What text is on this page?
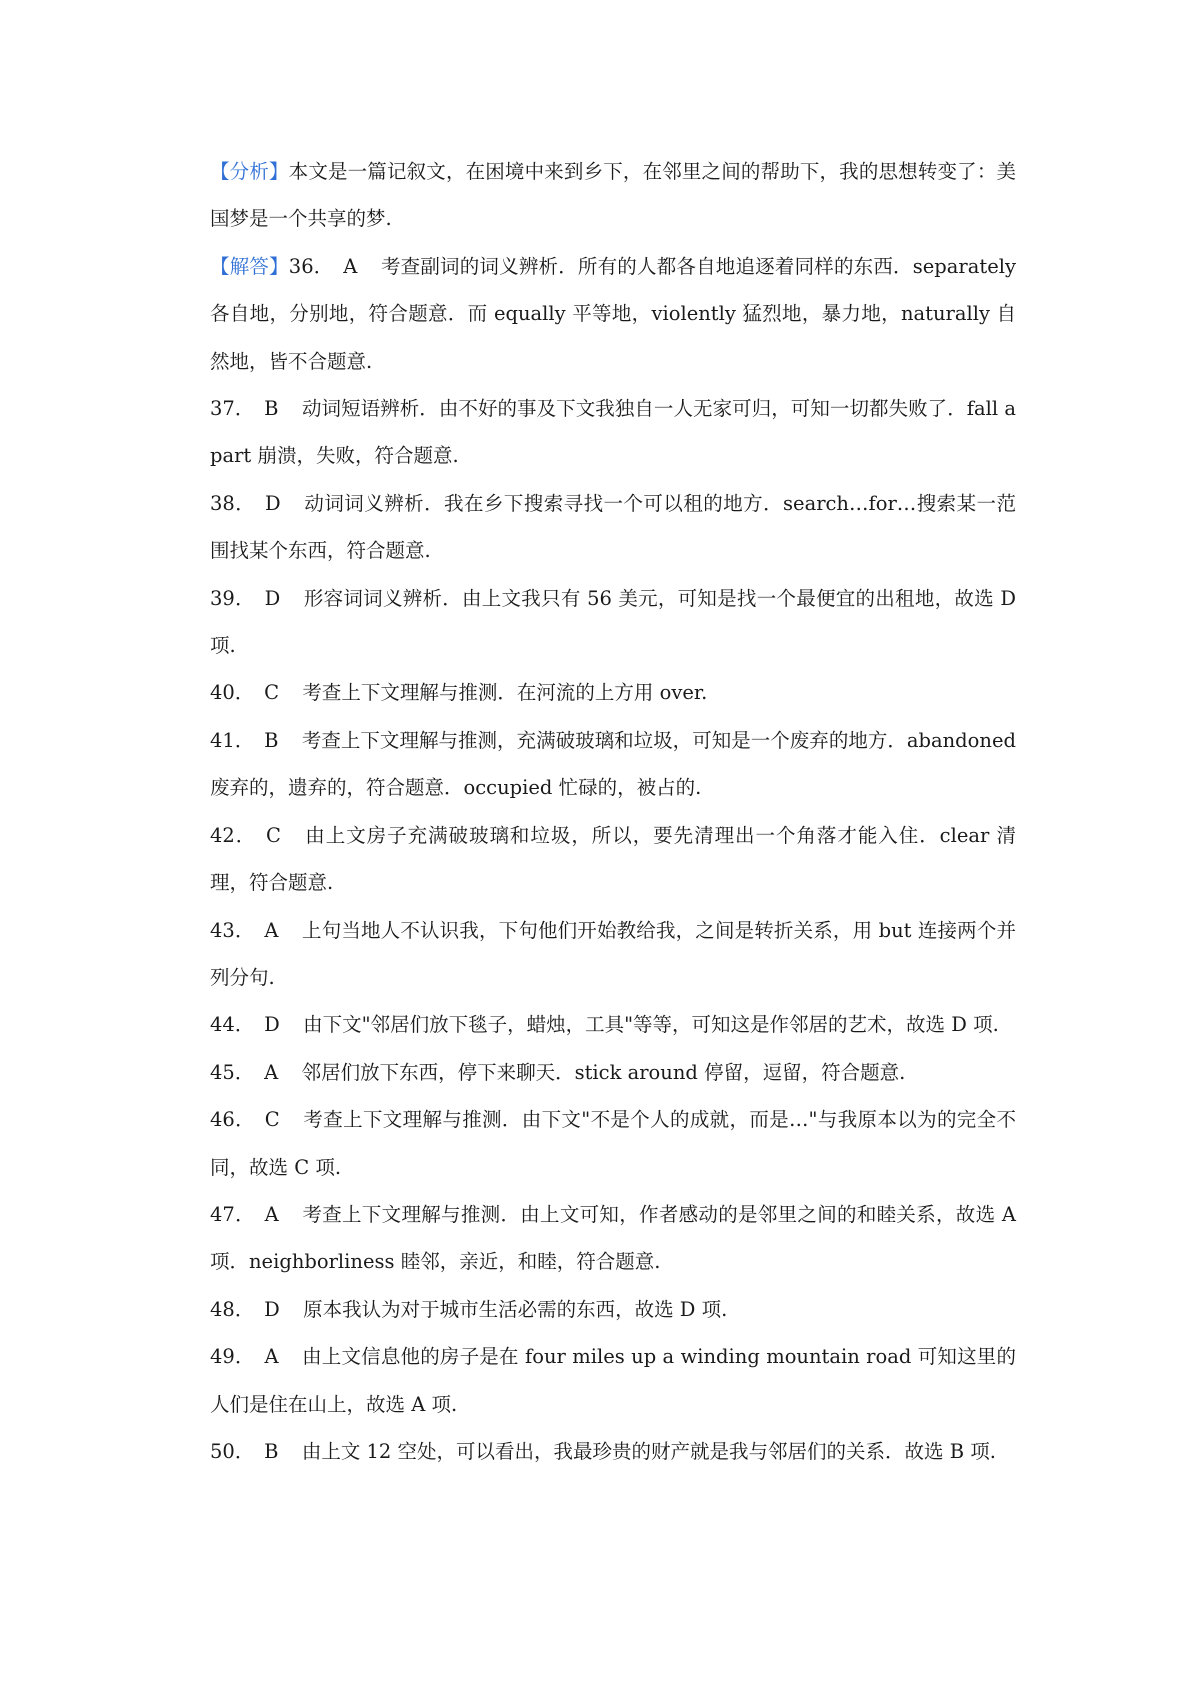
【分析】本文是一篇记叙文，在困境中来到乡下，在邻里之间的帮助下，我的思想转变了：美国梦是一个共享的梦.

【解答】36． A 考查副词的词义辨析．所有的人都各自地追逐着同样的东西．separately 各自地，分别地，符合题意．而 equally 平等地，violently 猛烈地，暴力地，naturally 自然地，皆不合题意.

37． B 动词短语辨析．由不好的事及下文我独自一人无家可归，可知一切都失败了．fall apart 崩溃，失败，符合题意.

38． D 动词词义辨析．我在乡下搜索寻找一个可以租的地方．search…for…搜索某一范围找某个东西，符合题意.

39． D 形容词词义辨析．由上文我只有 56 美元，可知是找一个最便宜的出租地，故选 D 项.

40． C 考查上下文理解与推测．在河流的上方用 over.

41． B 考查上下文理解与推测，充满破玻璃和垃圾，可知是一个废弃的地方．abandoned 废弃的，遗弃的，符合题意．occupied 忙碌的，被占的.

42． C 由上文房子充满破玻璃和垃圾，所以，要先清理出一个角落才能入住．clear 清理，符合题意.

43． A 上句当地人不认识我，下句他们开始教给我，之间是转折关系，用 but 连接两个并列分句.

44． D 由下文"邻居们放下毯子，蜡烛，工具"等等，可知这是作邻居的艺术，故选 D 项.

45． A 邻居们放下东西，停下来聊天．stick around 停留，逗留，符合题意.

46． C 考查上下文理解与推测．由下文"不是个人的成就，而是…"与我原本以为的完全不同，故选 C 项.

47． A 考查上下文理解与推测．由上文可知，作者感动的是邻里之间的和睦关系，故选 A 项．neighborliness 睦邻，亲近，和睦，符合题意.

48． D 原本我认为对于城市生活必需的东西，故选 D 项.

49． A 由上文信息他的房子是在 four miles up a winding mountain road 可知这里的人们是住在山上，故选 A 项.

50． B 由上文 12 空处，可以看出，我最珍贵的财产就是我与邻居们的关系．故选 B 项.
